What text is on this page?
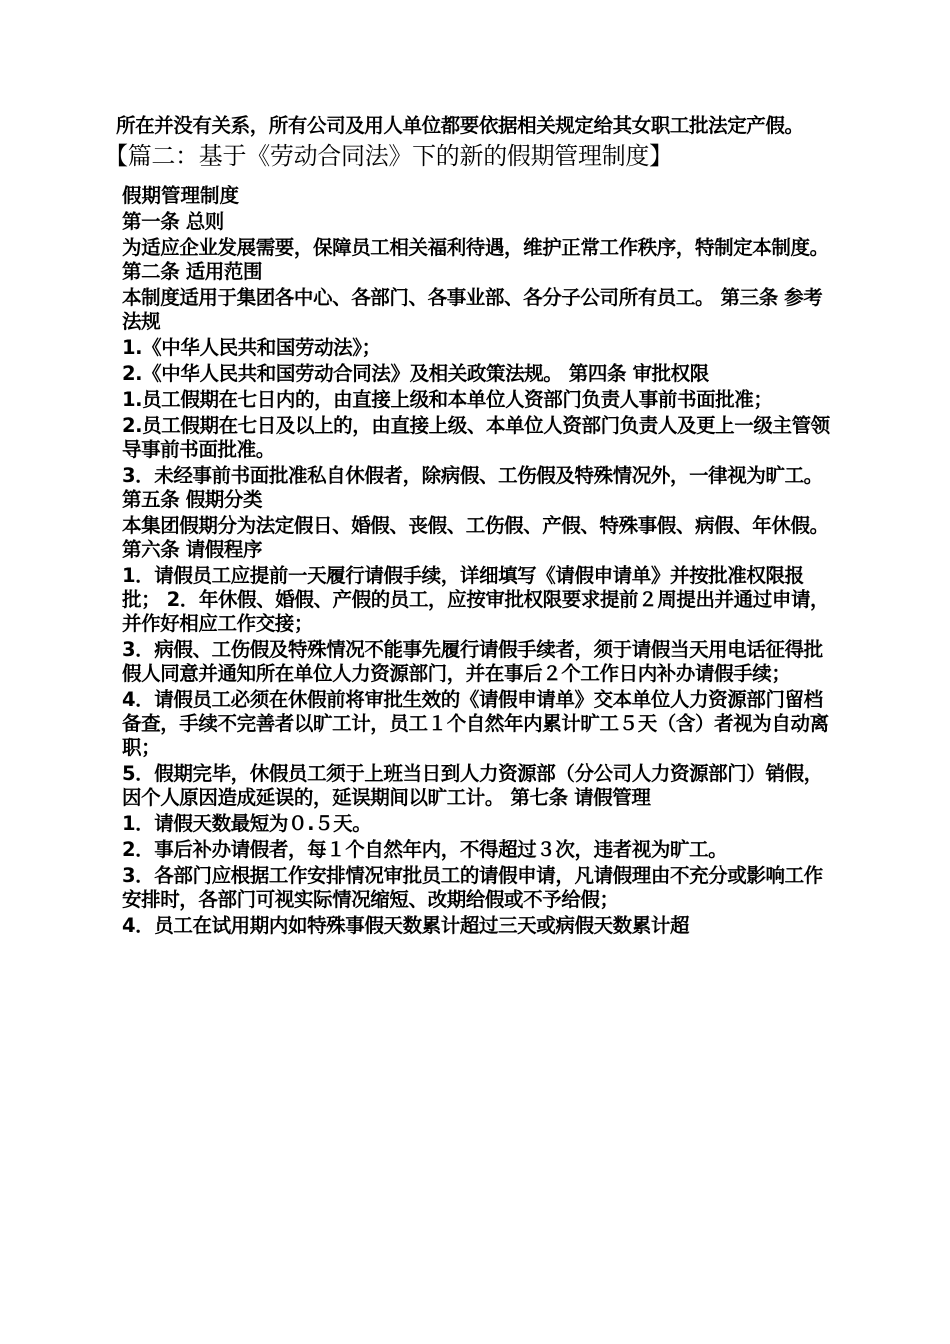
所在并没有关系，所有公司及用人单位都要依据相关规定给其女职工批法定产假。

【篇二：基于《劳动合同法》下的新的假期管理制度】
假期管理制度

第一条 总则

为适应企业发展需要，保障员工相关福利待遇，维护正常工作秩序，特制定本制度。 第二条 适用范围

本制度适用于集团各中心、各部门、各事业部、各分子公司所有员工。 第三条 参考法规

1.《中华人民共和国劳动法》；

2.《中华人民共和国劳动合同法》及相关政策法规。 第四条 审批权限

1.员工假期在七日内的，由直接上级和本单位人资部门负责人事前书面批准；

2.员工假期在七日及以上的，由直接上级、本单位人资部门负责人及更上一级主管领导事前书面批准。

3．未经事前书面批准私自休假者，除病假、工伤假及特殊情况外，一律视为旷工。 第五条 假期分类

本集团假期分为法定假日、婚假、丧假、工伤假、产假、特殊事假、病假、年休假。 第六条 请假程序

1．请假员工应提前一天履行请假手续，详细填写《请假申请单》并按批准权限报批； 2．年休假、婚假、产假的员工，应按审批权限要求提前２周提出并通过申请，并作好相应工作交接；

3．病假、工伤假及特殊情况不能事先履行请假手续者，须于请假当天用电话征得批假人同意并通知所在单位人力资源部门，并在事后２个工作日内补办请假手续；

4．请假员工必须在休假前将审批生效的《请假申请单》交本单位人力资源部门留档备查，手续不完善者以旷工计，员工１个自然年内累计旷工５天（含）者视为自动离职；

5．假期完毕，休假员工须于上班当日到人力资源部（分公司人力资源部门）销假，因个人原因造成延误的，延误期间以旷工计。 第七条 请假管理

1．请假天数最短为０.５天。

2．事后补办请假者，每１个自然年内，不得超过３次，违者视为旷工。

3．各部门应根据工作安排情况审批员工的请假申请，凡请假理由不充分或影响工作安排时，各部门可视实际情况缩短、改期给假或不予给假；

4．员工在试用期内如特殊事假天数累计超过三天或病假天数累计超
